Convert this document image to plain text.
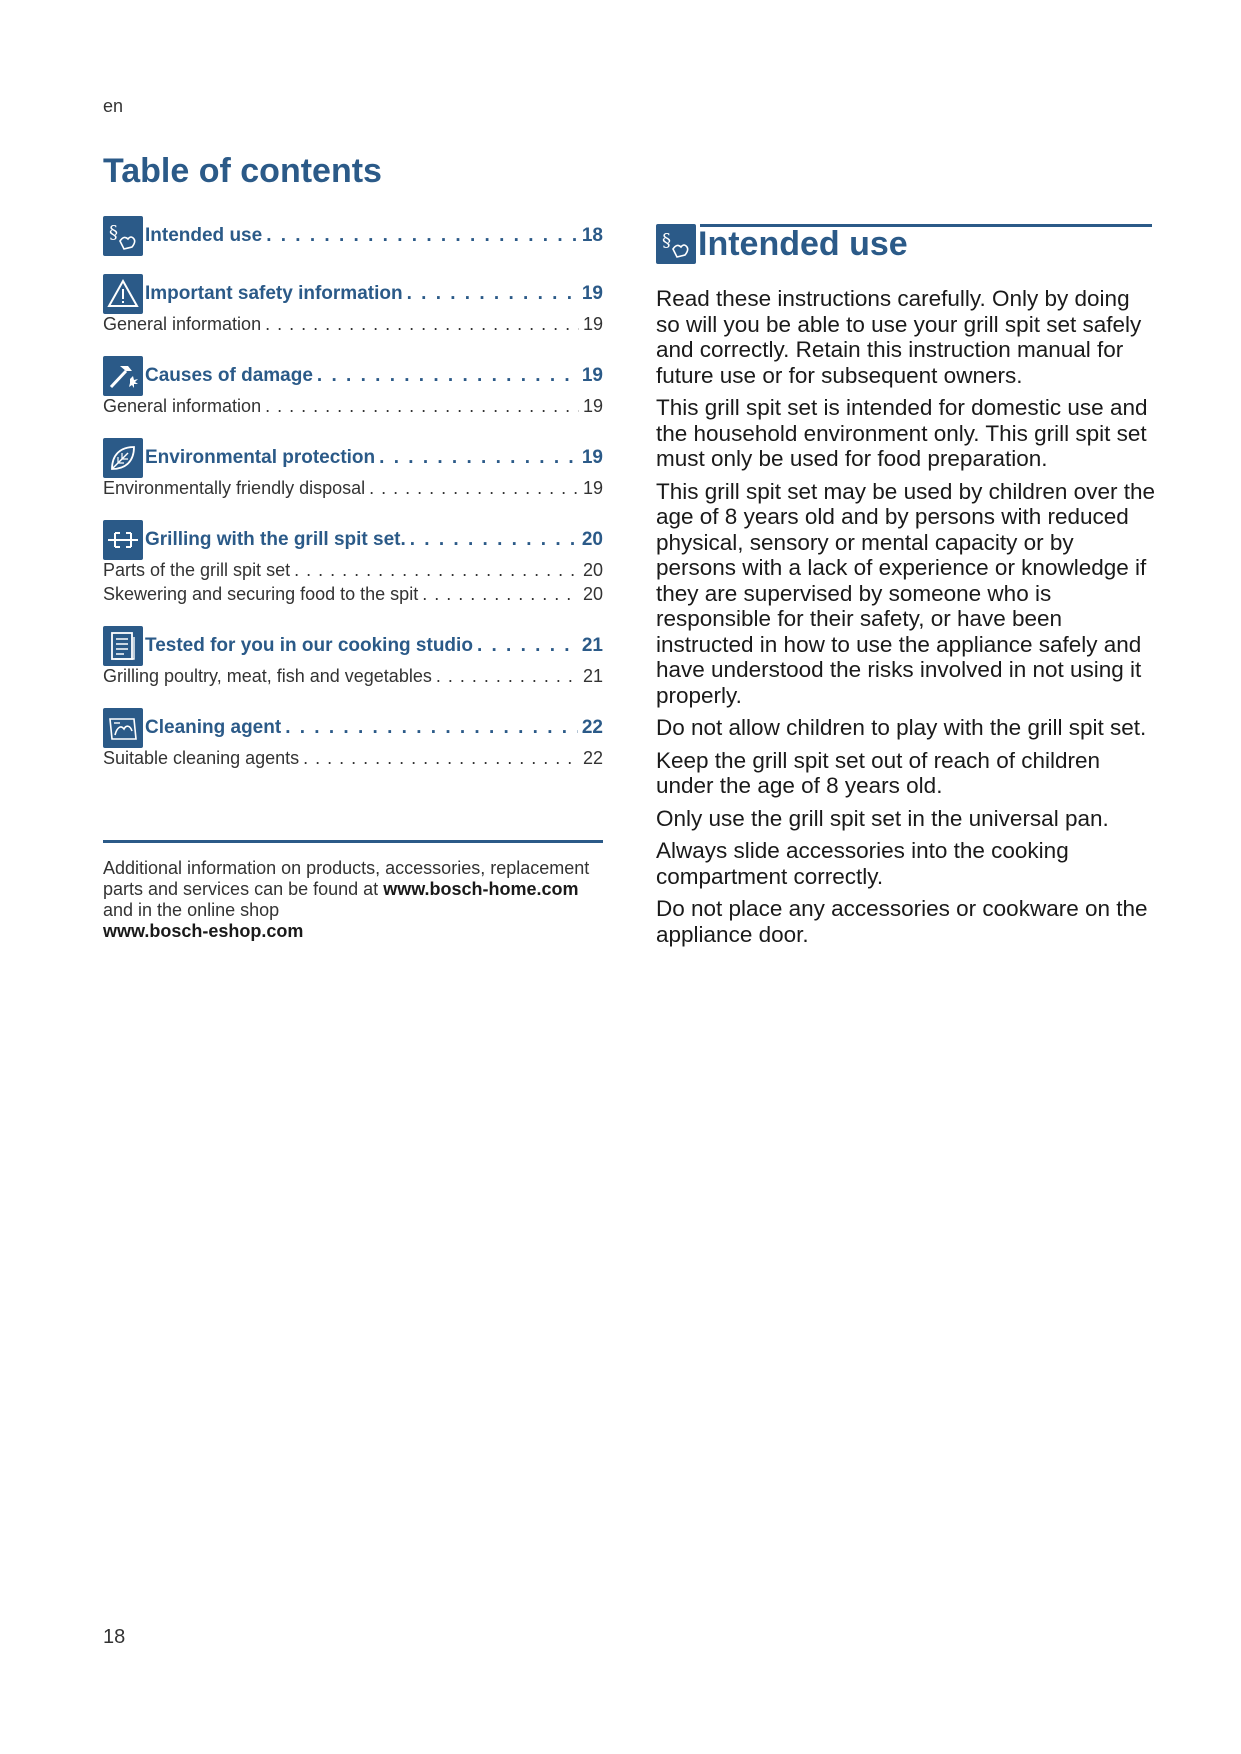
en
Table of contents
§ Intended use . . .	18
Important safety information . . .	19
General information . . .	19
Causes of damage . . .	19
General information . . .	19
Environmental protection . . .	19
Environmentally friendly disposal . . .	19
Grilling with the grill spit set. . . .	20
Parts of the grill spit set . . .	20
Skewering and securing food to the spit . . .	20
Tested for you in our cooking studio . . .	21
Grilling poultry, meat, fish and vegetables . . .	21
Cleaning agent . . .	22
Suitable cleaning agents . . .	22

Additional information on products, accessories, replacement parts and services can be found at www.bosch-home.com and in the online shop
www.bosch-eshop.com

§ Intended use

Read these instructions carefully. Only by doing so will you be able to use your grill spit set safely and correctly. Retain this instruction manual for future use or for subsequent owners.

This grill spit set is intended for domestic use and the household environment only. This grill spit set must only be used for food preparation.

This grill spit set may be used by children over the age of 8 years old and by persons with reduced physical, sensory or mental capacity or by persons with a lack of experience or knowledge if they are supervised by someone who is responsible for their safety, or have been instructed in how to use the appliance safely and have understood the risks involved in not using it properly.

Do not allow children to play with the grill spit set.

Keep the grill spit set out of reach of children under the age of 8 years old.

Only use the grill spit set in the universal pan.

Always slide accessories into the cooking compartment correctly.

Do not place any accessories or cookware on the appliance door.

18
